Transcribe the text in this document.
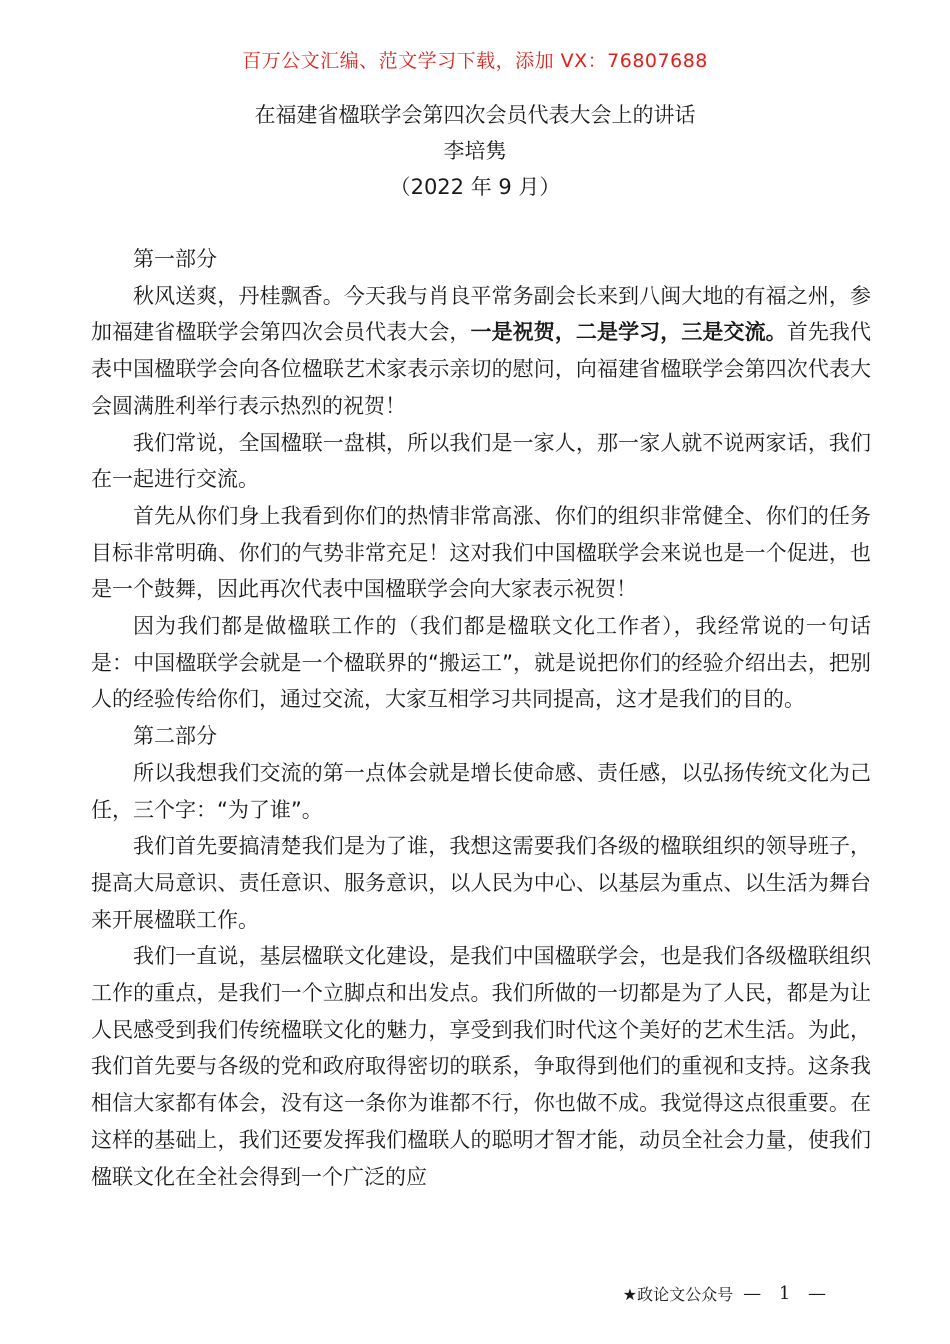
百万公文汇编、范文学习下载，添加 VX：76807688
在福建省楹联学会第四次会员代表大会上的讲话
李培隽
（2022 年 9 月）

第一部分

秋风送爽，丹桂飘香。今天我与肖良平常务副会长来到八闽大地的有福之州，参加福建省楹联学会第四次会员代表大会，一是祝贺，二是学习，三是交流。首先我代表中国楹联学会向各位楹联艺术家表示亲切的慰问，向福建省楹联学会第四次代表大会圆满胜利举行表示热烈的祝贺！

我们常说，全国楹联一盘棋，所以我们是一家人，那一家人就不说两家话，我们在一起进行交流。

首先从你们身上我看到你们的热情非常高涨、你们的组织非常健全、你们的任务目标非常明确、你们的气势非常充足！这对我们中国楹联学会来说也是一个促进，也是一个鼓舞，因此再次代表中国楹联学会向大家表示祝贺！

因为我们都是做楹联工作的（我们都是楹联文化工作者），我经常说的一句话是：中国楹联学会就是一个楹联界的“搬运工”，就是说把你们的经验介绍出去，把别人的经验传给你们，通过交流，大家互相学习共同提高，这才是我们的目的。

第二部分

所以我想我们交流的第一点体会就是增长使命感、责任感，以弘扬传统文化为己任，三个字：“为了谁”。

我们首先要搞清楚我们是为了谁，我想这需要我们各级的楹联组织的领导班子，提高大局意识、责任意识、服务意识，以人民为中心、以基层为重点、以生活为舞台来开展楹联工作。

我们一直说，基层楹联文化建设，是我们中国楹联学会，也是我们各级楹联组织工作的重点，是我们一个立脚点和出发点。我们所做的一切都是为了人民，都是为让人民感受到我们传统楹联文化的魅力，享受到我们时代这个美好的艺术生活。为此，我们首先要与各级的党和政府取得密切的联系，争取得到他们的重视和支持。这条我相信大家都有体会，没有这一条你为谁都不行，你也做不成。我觉得这点很重要。在这样的基础上，我们还要发挥我们楹联人的聪明才智才能，动员全社会力量，使我们楹联文化在全社会得到一个广泛的应

★政论文公众号 — 1 —
